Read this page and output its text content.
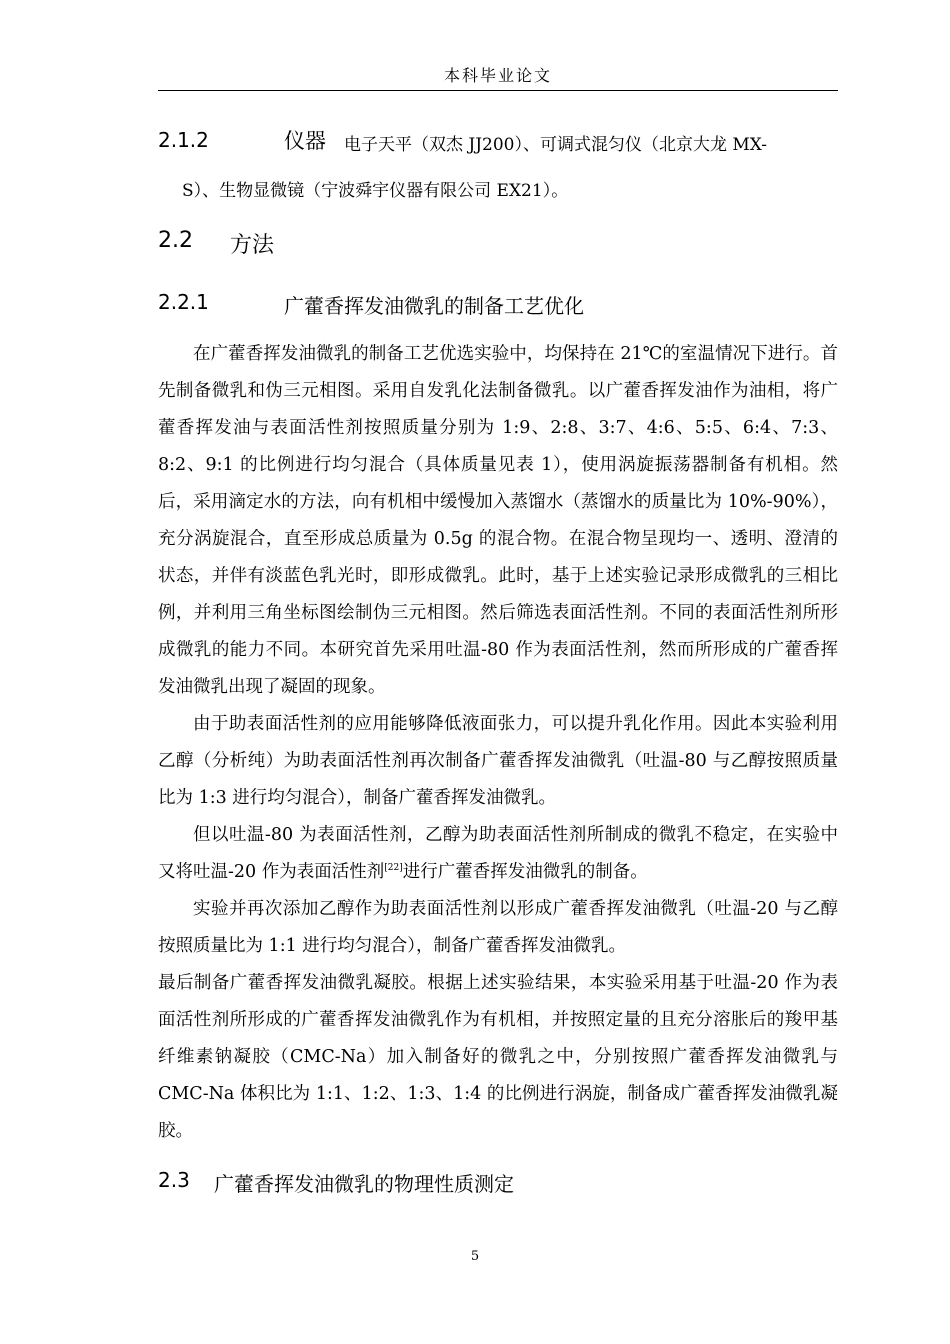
本科毕业论文
2.1.2	仪器 电子天平（双杰 JJ200）、可调式混匀仪（北京大龙 MX-
S）、生物显微镜（宁波舜宇仪器有限公司 EX21）。
2.2 方法
2.2.1	广藿香挥发油微乳的制备工艺优化

在广藿香挥发油微乳的制备工艺优选实验中，均保持在 21℃的室温情况下进行。首先制备微乳和伪三元相图。采用自发乳化法制备微乳。以广藿香挥发油作为油相，将广藿香挥发油与表面活性剂按照质量分别为 1:9、2:8、3:7、4:6、5:5、6:4、7:3、8:2、9:1 的比例进行均匀混合（具体质量见表 1），使用涡旋振荡器制备有机相。然后，采用滴定水的方法，向有机相中缓慢加入蒸馏水（蒸馏水的质量比为 10%-90%），充分涡旋混合，直至形成总质量为 0.5g 的混合物。在混合物呈现均一、透明、澄清的状态，并伴有淡蓝色乳光时，即形成微乳。此时，基于上述实验记录形成微乳的三相比例，并利用三角坐标图绘制伪三元相图。然后筛选表面活性剂。不同的表面活性剂所形成微乳的能力不同。本研究首先采用吐温-80 作为表面活性剂，然而所形成的广藿香挥发油微乳出现了凝固的现象。

由于助表面活性剂的应用能够降低液面张力，可以提升乳化作用。因此本实验利用乙醇（分析纯）为助表面活性剂再次制备广藿香挥发油微乳（吐温-80 与乙醇按照质量比为 1:3 进行均匀混合），制备广藿香挥发油微乳。

但以吐温-80 为表面活性剂，乙醇为助表面活性剂所制成的微乳不稳定，在实验中又将吐温-20 作为表面活性剂[22]进行广藿香挥发油微乳的制备。

实验并再次添加乙醇作为助表面活性剂以形成广藿香挥发油微乳（吐温-20 与乙醇按照质量比为 1:1 进行均匀混合），制备广藿香挥发油微乳。

最后制备广藿香挥发油微乳凝胶。根据上述实验结果，本实验采用基于吐温-20 作为表面活性剂所形成的广藿香挥发油微乳作为有机相，并按照定量的且充分溶胀后的羧甲基纤维素钠凝胶（CMC-Na）加入制备好的微乳之中，分别按照广藿香挥发油微乳与 CMC-Na 体积比为 1:1、1:2、1:3、1:4 的比例进行涡旋，制备成广藿香挥发油微乳凝胶。

2.3 广藿香挥发油微乳的物理性质测定
5
